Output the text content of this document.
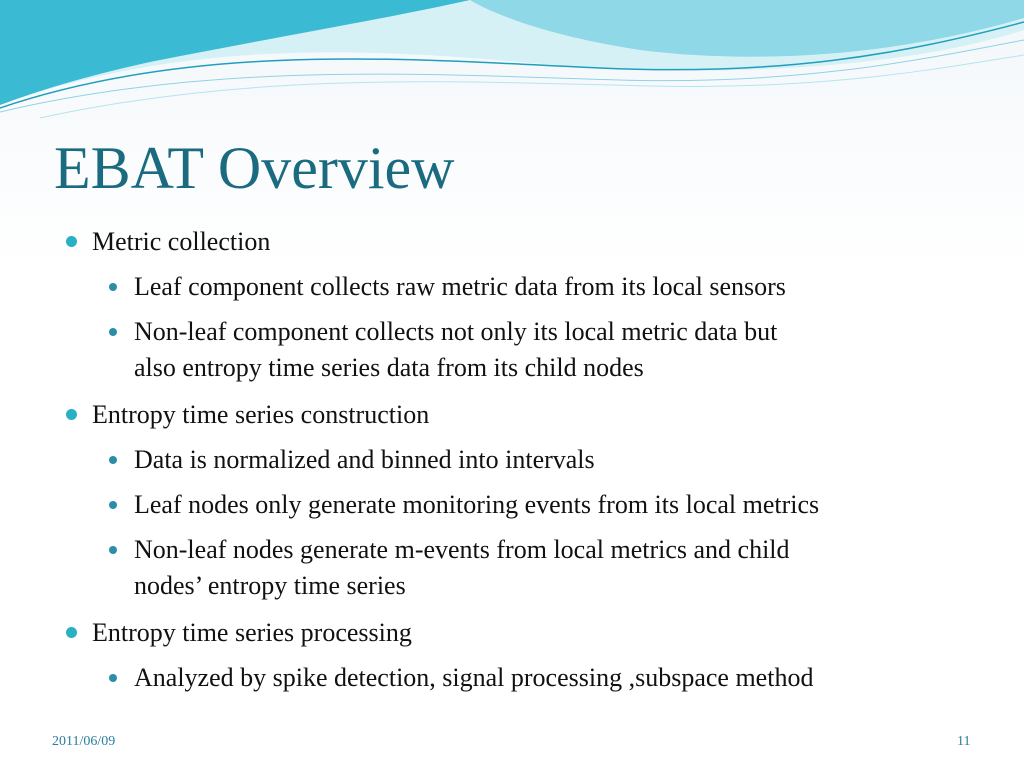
EBAT Overview
Metric collection
Leaf component collects raw metric data from its local sensors
Non-leaf component collects not only its local metric data but
also entropy time series data from its child nodes
Entropy time series construction
Data is normalized and binned into intervals
Leaf nodes only generate monitoring events from its local metrics
Non-leaf nodes generate m-events from local metrics and child
nodes’ entropy time series
Entropy time series processing
Analyzed by spike detection, signal processing ,subspace method
2011/06/09	11
